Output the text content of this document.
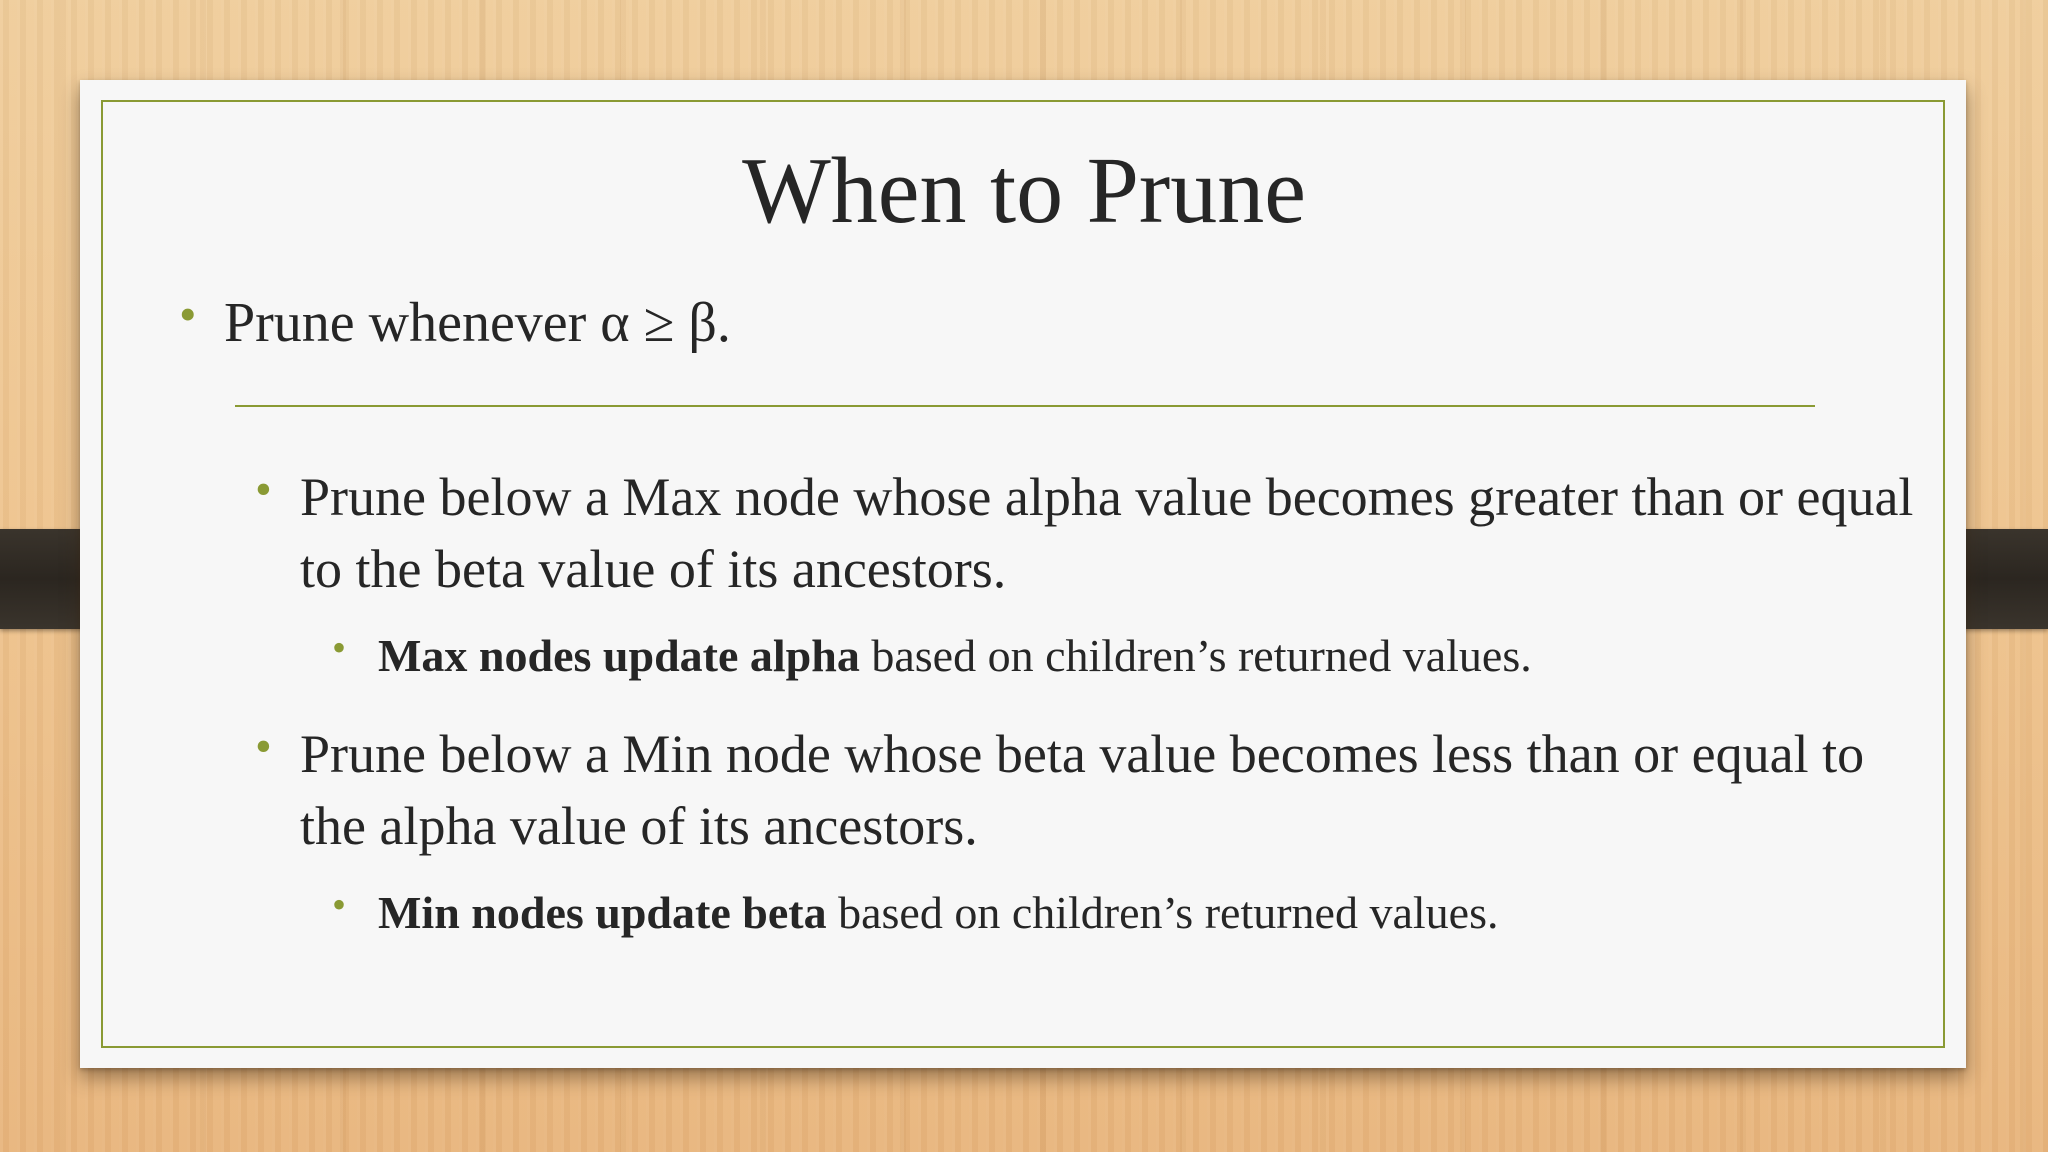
When to Prune
• Prune whenever α ≥ β.
• Prune below a Max node whose alpha value becomes greater than or equal to the beta value of its ancestors.
• Max nodes update alpha based on children’s returned values.
• Prune below a Min node whose beta value becomes less than or equal to the alpha value of its ancestors.
• Min nodes update beta based on children’s returned values.
